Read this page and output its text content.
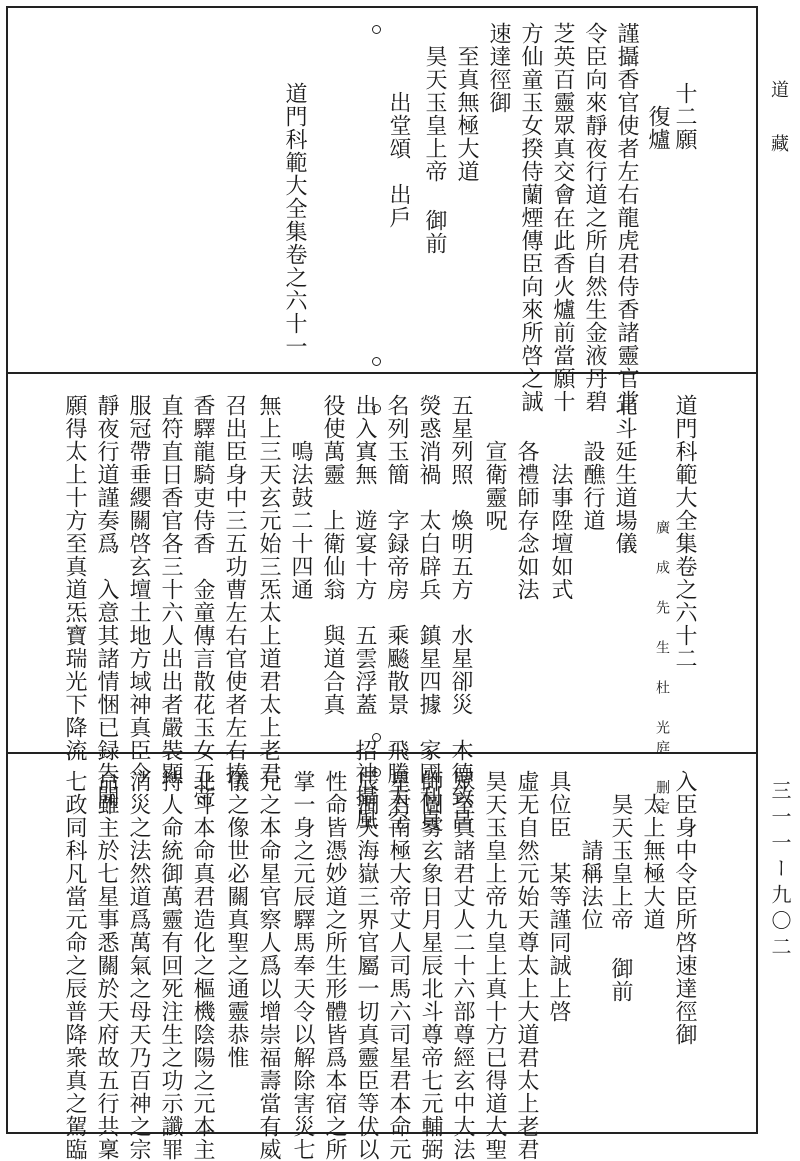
道藏
三一一ー九〇二
十二願
　復爐
謹攝香官使者左右龍虎君侍香諸靈官當
令臣向來靜夜行道之所自然生金液丹碧
芝英百靈眾真交會在此香火爐前當願十
方仙童玉女揆侍蘭煙傳臣向來所啓之誠
速達徑御
　至真無極大道
　昊天玉皇上帝 御前
　　　出堂頌　出戶
道門科範大全集卷之六十一
道門科範大全集卷之六十二
　　　廣　成　先　生　杜　光庭　删定
北斗延生道場儀
　　設醮行道
　　　法事陞壇如式
　　各禮師存念如法
　　宣衛靈呪
五星列照　煥明五方　水星卻災　木德致昌
熒惑消禍　太白辟兵　鎮星四據　家國利貞
名列玉簡　字録帝房　乘飈散景　飛騰太空
出入寘無　遊宴十方　五雲浮蓋　招神攝風
役使萬靈　上衛仙翁　與道合真
　　鳴法鼓二十四通
無上三天玄元始三炁太上道君太上老君
召出臣身中三五功曹左右官使者左右捧
香驛龍騎吏侍香　金童傳言散花玉女五帝
直符直日香官各三十六人出出者嚴裝顯
服冠帶垂纓關啓玄壇土地方域神真臣今
靜夜行道謹奏爲　入意其諸情悃已録告聞
願得太上十方至真道炁寶瑞光下降流
入臣身中令臣所啓速達徑御
　太上無極大道
　昊天玉皇上帝 御前
　　　請稱法位
具位臣　某等謹同誠上啓
虛无自然元始天尊太上大道君太上老君
昊天玉皇上帝九皇上真十方已得道大聖
眾至真諸君丈人二十六部尊經玄中大法
師圖雾玄象日月星辰北斗尊帝七元輔弼
星君南極大帝丈人司馬六司星君本命元
辰洞天海嶽三界官屬一切真靈臣等伏以
性命皆憑妙道之所生形體皆爲本宿之所
掌一身之元辰驛馬奉天令以解除害災七
元之本命星官察人爲以增崇福壽當有威
儀之像世必關真聖之通靈恭惟
北斗本命真君造化之樞機陰陽之元本主
持人命統御萬靈有回死注生之功示讖罪
消災之法然道爲萬氣之母天乃百神之宗
命雖主於七星事悉關於天府故五行共稟
七政同科凡當元命之辰普降衆真之駕臨
